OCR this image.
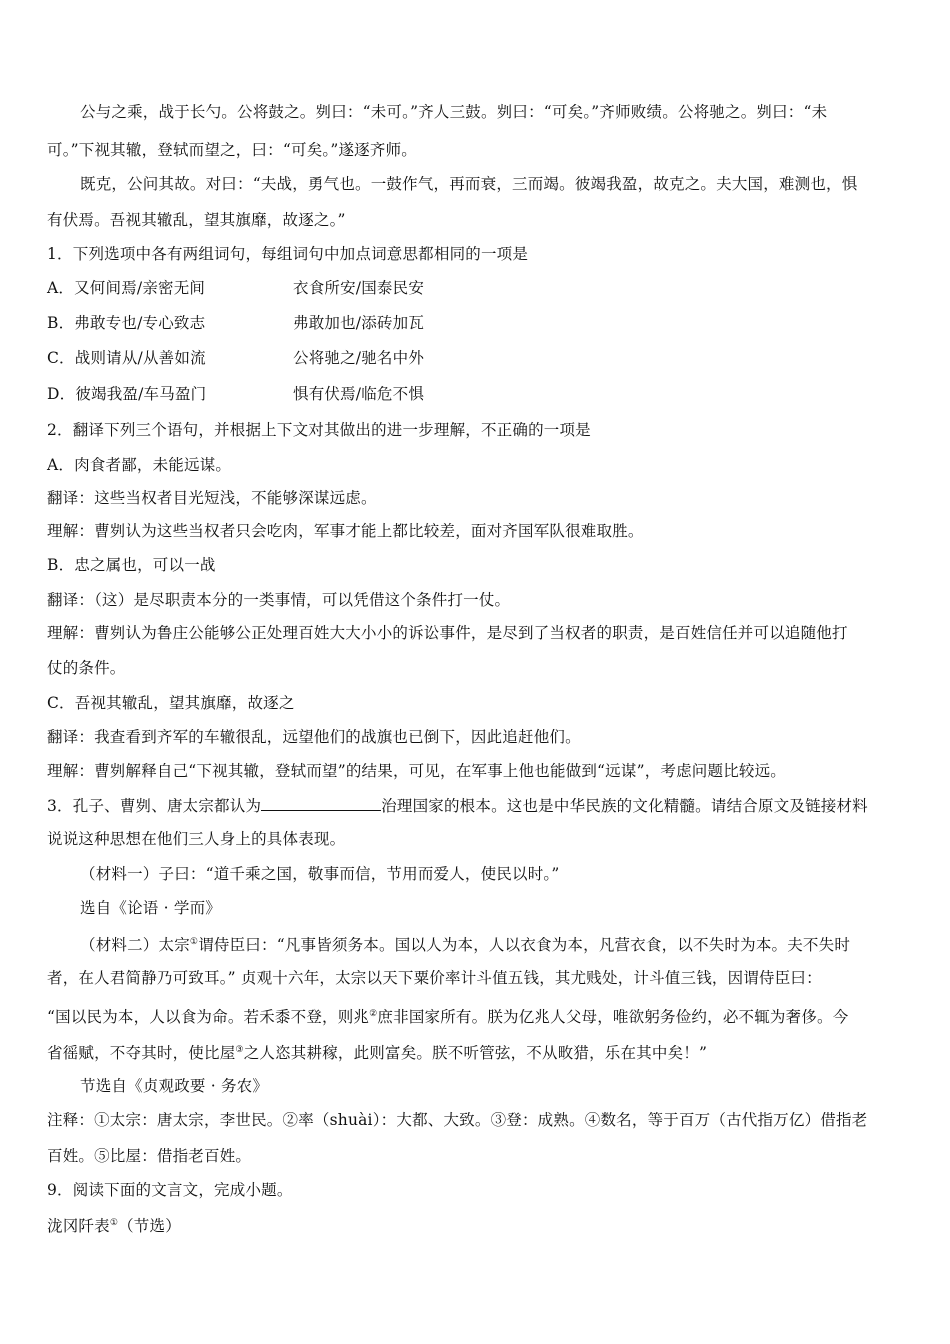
公与之乘，战于长勺。公将鼓之。刿曰：“未可。”齐人三鼓。刿曰：“可矣。”齐师败绩。公将驰之。刿曰：“未
可。”下视其辙，登轼而望之，曰：“可矣。”遂逐齐师。
既克，公问其故。对曰：“夫战，勇气也。一鼓作气，再而衰，三而竭。彼竭我盈，故克之。夫大国，难测也，惧
有伏焉。吾视其辙乱，望其旗靡，故逐之。”
1．下列选项中各有两组词句，每组词句中加点词意思都相同的一项是
A．又何间焉/亲密无间	衣食所安/国泰民安
B．弗敢专也/专心致志	弗敢加也/添砖加瓦
C．战则请从/从善如流	公将驰之/驰名中外
D．彼竭我盈/车马盈门	惧有伏焉/临危不惧
2．翻译下列三个语句，并根据上下文对其做出的进一步理解，不正确的一项是
A．肉食者鄙，未能远谋。
翻译：这些当权者目光短浅，不能够深谋远虑。
理解：曹刿认为这些当权者只会吃肉，军事才能上都比较差，面对齐国军队很难取胜。
B．忠之属也，可以一战
翻译：（这）是尽职责本分的一类事情，可以凭借这个条件打一仗。
理解：曹刿认为鲁庄公能够公正处理百姓大大小小的诉讼事件，是尽到了当权者的职责，是百姓信任并可以追随他打
仗的条件。
C．吾视其辙乱，望其旗靡，故逐之
翻译：我查看到齐军的车辙很乱，远望他们的战旗也已倒下，因此追赶他们。
理解：曹刿解释自己“下视其辙，登轼而望”的结果，可见，在军事上他也能做到“远谋”，考虑问题比较远。
3．孔子、曹刿、唐太宗都认为	治理国家的根本。这也是中华民族的文化精髓。请结合原文及链接材料
说说这种思想在他们三人身上的具体表现。
（材料一）子曰：“道千乘之国，敬事而信，节用而爱人，使民以时。”
选自《论语 · 学而》
（材料二）太宗①谓侍臣曰：“凡事皆须务本。国以人为本，人以衣食为本，凡营衣食，以不失时为本。夫不失时
者，在人君简静乃可致耳。” 贞观十六年，太宗以天下粟价率计斗值五钱，其尤贱处，计斗值三钱，因谓侍臣曰：
“国以民为本，人以食为命。若禾黍不登，则兆②庶非国家所有。朕为亿兆人父母，唯欲躬务俭约，必不辄为奢侈。今
省徭赋，不夺其时，使比屋③之人恣其耕稼，此则富矣。朕不听管弦，不从畋猎，乐在其中矣！”
节选自《贞观政要 · 务农》
注释：①太宗：唐太宗，李世民。②率（shuài）：大都、大致。③登：成熟。④数名，等于百万（古代指万亿）借指老
百姓。⑤比屋：借指老百姓。
9．阅读下面的文言文，完成小题。
泷冈阡表①（节选）
